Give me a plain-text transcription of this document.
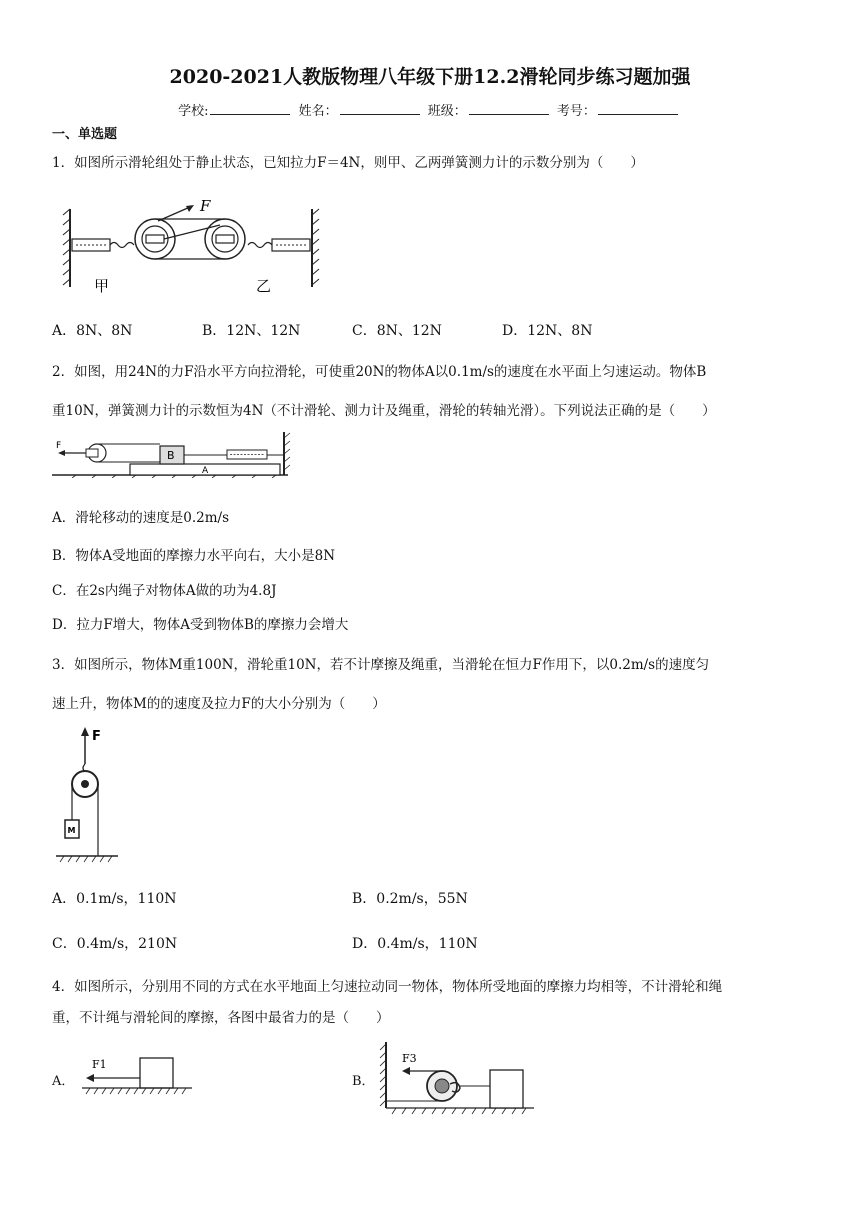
2020-2021人教版物理八年级下册12.2滑轮同步练习题加强
学校:	姓名：	班级：	考号：
一、单选题
1．如图所示滑轮组处于静止状态，已知拉力F＝4N，则甲、乙两弹簧测力计的示数分别为（　　）
F
甲	乙
A．8N、8N	B．12N、12N	C．8N、12N	D．12N、8N
2．如图，用24N的力F沿水平方向拉滑轮，可使重20N的物体A以0.1m/s的速度在水平面上匀速运动。物体B
重10N，弹簧测力计的示数恒为4N（不计滑轮、测力计及绳重，滑轮的转轴光滑）。下列说法正确的是（　　）
A
B
F
A．滑轮移动的速度是0.2m/s
B．物体A受地面的摩擦力水平向右，大小是8N
C．在2s内绳子对物体A做的功为4.8J
D．拉力F增大，物体A受到物体B的摩擦力会增大
3．如图所示，物体M重100N，滑轮重10N，若不计摩擦及绳重，当滑轮在恒力F作用下，以0.2m/s的速度匀
速上升，物体M的的速度及拉力F的大小分别为（　　）
F
M
A．0.1m/s，110N	B．0.2m/s，55N
C．0.4m/s，210N	D．0.4m/s，110N
4．如图所示，分别用不同的方式在水平地面上匀速拉动同一物体，物体所受地面的摩擦力均相等，不计滑轮和绳
重，不计绳与滑轮间的摩擦，各图中最省力的是（　　）
A．
F1
B．
F3
